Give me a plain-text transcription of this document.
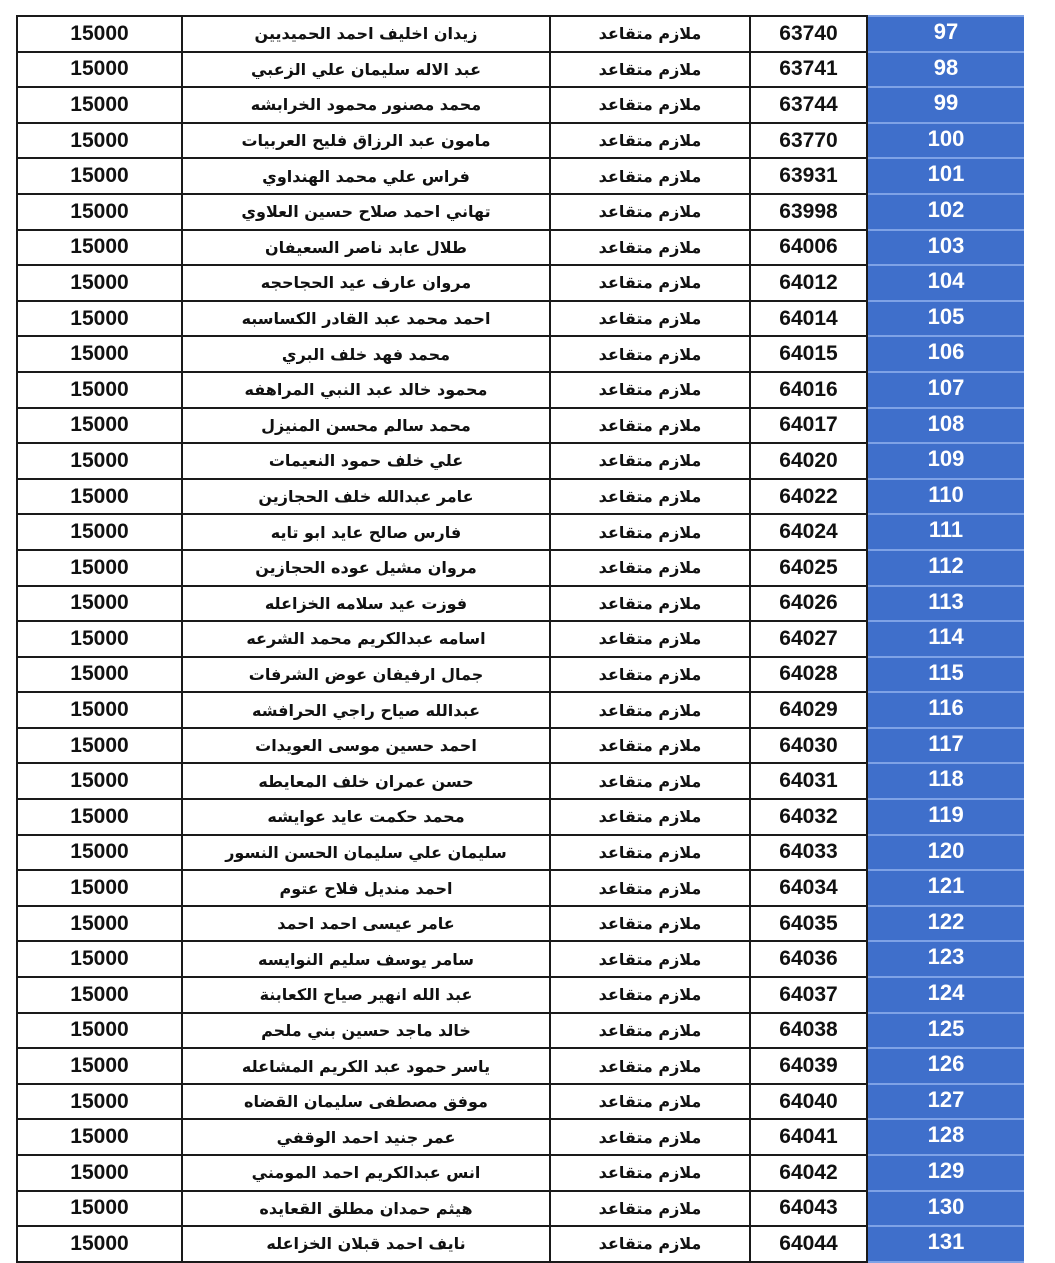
15000	زيدان اخليف احمد الحميديين	ملازم متقاعد	63740	97
15000	عبد الاله سليمان علي الزعبي	ملازم متقاعد	63741	98
15000	محمد مصنور محمود الخرابشه	ملازم متقاعد	63744	99
15000	مامون عبد الرزاق فليح العربيات	ملازم متقاعد	63770	100
15000	فراس علي محمد الهنداوي	ملازم متقاعد	63931	101
15000	تهاني احمد صلاح حسين العلاوي	ملازم متقاعد	63998	102
15000	طلال عابد ناصر السعيفان	ملازم متقاعد	64006	103
15000	مروان عارف عيد الحجاحجه	ملازم متقاعد	64012	104
15000	احمد محمد عبد القادر الكساسبه	ملازم متقاعد	64014	105
15000	محمد فهد خلف البري	ملازم متقاعد	64015	106
15000	محمود خالد عبد النبي المراهفه	ملازم متقاعد	64016	107
15000	محمد سالم محسن المنيزل	ملازم متقاعد	64017	108
15000	علي خلف حمود النعيمات	ملازم متقاعد	64020	109
15000	عامر عبدالله خلف الحجازين	ملازم متقاعد	64022	110
15000	فارس صالح عايد ابو تايه	ملازم متقاعد	64024	111
15000	مروان مشيل عوده الحجازين	ملازم متقاعد	64025	112
15000	فوزت عيد سلامه الخزاعله	ملازم متقاعد	64026	113
15000	اسامه عبدالكريم محمد الشرعه	ملازم متقاعد	64027	114
15000	جمال ارفيفان عوض الشرفات	ملازم متقاعد	64028	115
15000	عبدالله صياح راجي الحرافشه	ملازم متقاعد	64029	116
15000	احمد حسين موسى العويدات	ملازم متقاعد	64030	117
15000	حسن عمران خلف المعايطه	ملازم متقاعد	64031	118
15000	محمد حكمت عايد عوايشه	ملازم متقاعد	64032	119
15000	سليمان علي سليمان الحسن النسور	ملازم متقاعد	64033	120
15000	احمد منديل فلاح عتوم	ملازم متقاعد	64034	121
15000	عامر عيسى احمد احمد	ملازم متقاعد	64035	122
15000	سامر يوسف سليم النوايسه	ملازم متقاعد	64036	123
15000	عبد الله انهير صياح الكعابنة	ملازم متقاعد	64037	124
15000	خالد ماجد حسين بني ملحم	ملازم متقاعد	64038	125
15000	ياسر حمود عبد الكريم المشاعله	ملازم متقاعد	64039	126
15000	موفق مصطفى سليمان القضاه	ملازم متقاعد	64040	127
15000	عمر جنيد احمد الوقفي	ملازم متقاعد	64041	128
15000	انس عبدالكريم احمد المومني	ملازم متقاعد	64042	129
15000	هيثم حمدان مطلق القعايده	ملازم متقاعد	64043	130
15000	نايف احمد قبلان الخزاعله	ملازم متقاعد	64044	131
